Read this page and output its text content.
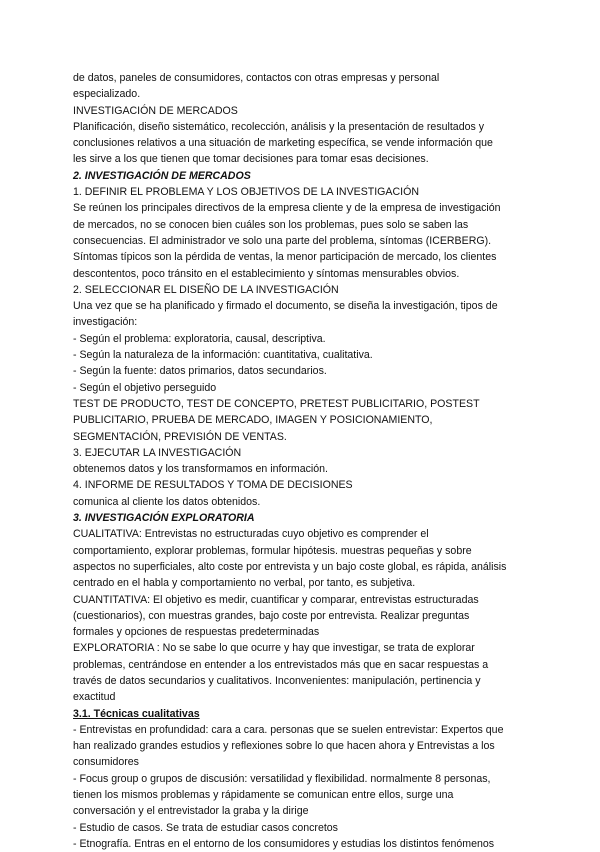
de datos, paneles de consumidores, contactos con otras empresas y personal
especializado.
INVESTIGACIÓN DE MERCADOS
Planificación, diseño sistemático, recolección, análisis y la presentación de resultados y
conclusiones relativos a una situación de marketing específica, se vende información que
les sirve a los que tienen que tomar decisiones para tomar esas decisiones.
2. INVESTIGACIÓN DE MERCADOS
1. DEFINIR EL PROBLEMA Y LOS OBJETIVOS DE LA INVESTIGACIÓN
Se reúnen los principales directivos de la empresa cliente y de la empresa de investigación
de mercados, no se conocen bien cuáles son los problemas, pues solo se saben las
consecuencias. El administrador ve solo una parte del problema, síntomas (ICERBERG).
Síntomas típicos son la pérdida de ventas, la menor participación de mercado, los clientes
descontentos, poco tránsito en el establecimiento y síntomas mensurables obvios.
2. SELECCIONAR EL DISEÑO DE LA INVESTIGACIÓN
Una vez que se ha planificado y firmado el documento, se diseña la investigación, tipos de
investigación:
- Según el problema: exploratoria, causal, descriptiva.
- Según la naturaleza de la información: cuantitativa, cualitativa.
- Según la fuente: datos primarios, datos secundarios.
- Según el objetivo perseguido
TEST DE PRODUCTO, TEST DE CONCEPTO, PRETEST PUBLICITARIO, POSTEST
PUBLICITARIO, PRUEBA DE MERCADO, IMAGEN Y POSICIONAMIENTO,
SEGMENTACIÓN, PREVISIÓN DE VENTAS.
3. EJECUTAR LA INVESTIGACIÓN
obtenemos datos y los transformamos en información.
4. INFORME DE RESULTADOS Y TOMA DE DECISIONES
comunica al cliente los datos obtenidos.
3. INVESTIGACIÓN EXPLORATORIA
CUALITATIVA: Entrevistas no estructuradas cuyo objetivo es comprender el
comportamiento, explorar problemas, formular hipótesis. muestras pequeñas y sobre
aspectos no superficiales, alto coste por entrevista y un bajo coste global, es rápida, análisis
centrado en el habla y comportamiento no verbal, por tanto, es subjetiva.
CUANTITATIVA: El objetivo es medir, cuantificar y comparar, entrevistas estructuradas
(cuestionarios), con muestras grandes, bajo coste por entrevista. Realizar preguntas
formales y opciones de respuestas predeterminadas
EXPLORATORIA : No se sabe lo que ocurre y hay que investigar, se trata de explorar
problemas, centrándose en entender a los entrevistados más que en sacar respuestas a
través de datos secundarios y cualitativos. Inconvenientes: manipulación, pertinencia y
exactitud
3.1. Técnicas cualitativas
- Entrevistas en profundidad: cara a cara. personas que se suelen entrevistar: Expertos que
han realizado grandes estudios y reflexiones sobre lo que hacen ahora y Entrevistas a los
consumidores
- Focus group o grupos de discusión: versatilidad y flexibilidad. normalmente 8 personas,
tienen los mismos problemas y rápidamente se comunican entre ellos, surge una
conversación y el entrevistador la graba y la dirige
- Estudio de casos. Se trata de estudiar casos concretos
- Etnografía. Entras en el entorno de los consumidores y estudias los distintos fenómenos
